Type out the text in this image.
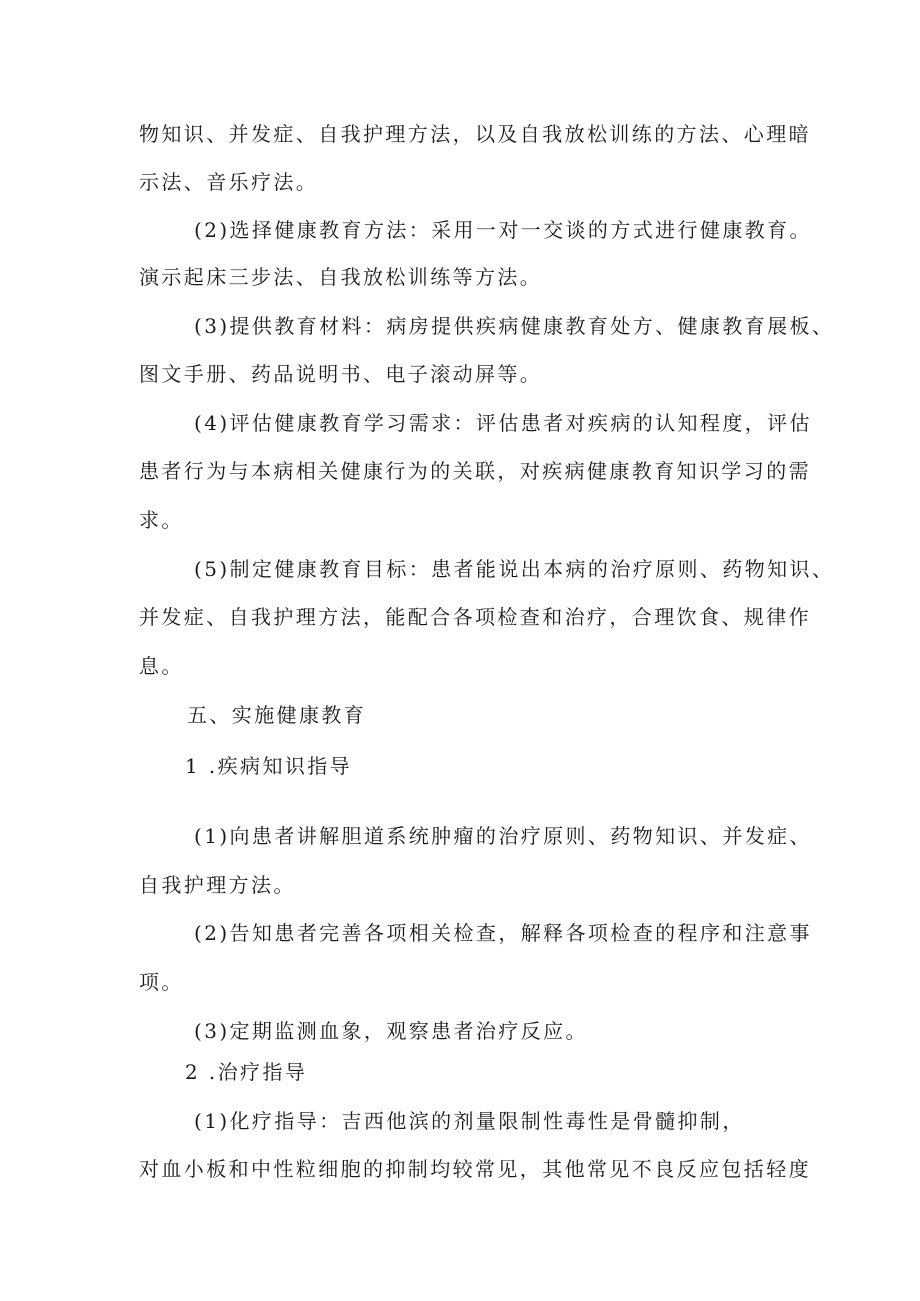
物知识、并发症、自我护理方法，以及自我放松训练的方法、心理暗
示法、音乐疗法。
(2)选择健康教育方法：采用一对一交谈的方式进行健康教育。
演示起床三步法、自我放松训练等方法。
(3)提供教育材料：病房提供疾病健康教育处方、健康教育展板、
图文手册、药品说明书、电子滚动屏等。
(4)评估健康教育学习需求：评估患者对疾病的认知程度，评估
患者行为与本病相关健康行为的关联，对疾病健康教育知识学习的需
求。
(5)制定健康教育目标：患者能说出本病的治疗原则、药物知识、
并发症、自我护理方法，能配合各项检查和治疗，合理饮食、规律作
息。
五、实施健康教育
1 .疾病知识指导
(1)向患者讲解胆道系统肿瘤的治疗原则、药物知识、并发症、
自我护理方法。
(2)告知患者完善各项相关检查，解释各项检查的程序和注意事
项。
(3)定期监测血象，观察患者治疗反应。
2 .治疗指导
(1)化疗指导：吉西他滨的剂量限制性毒性是骨髓抑制，
对血小板和中性粒细胞的抑制均较常见，其他常见不良反应包括轻度
